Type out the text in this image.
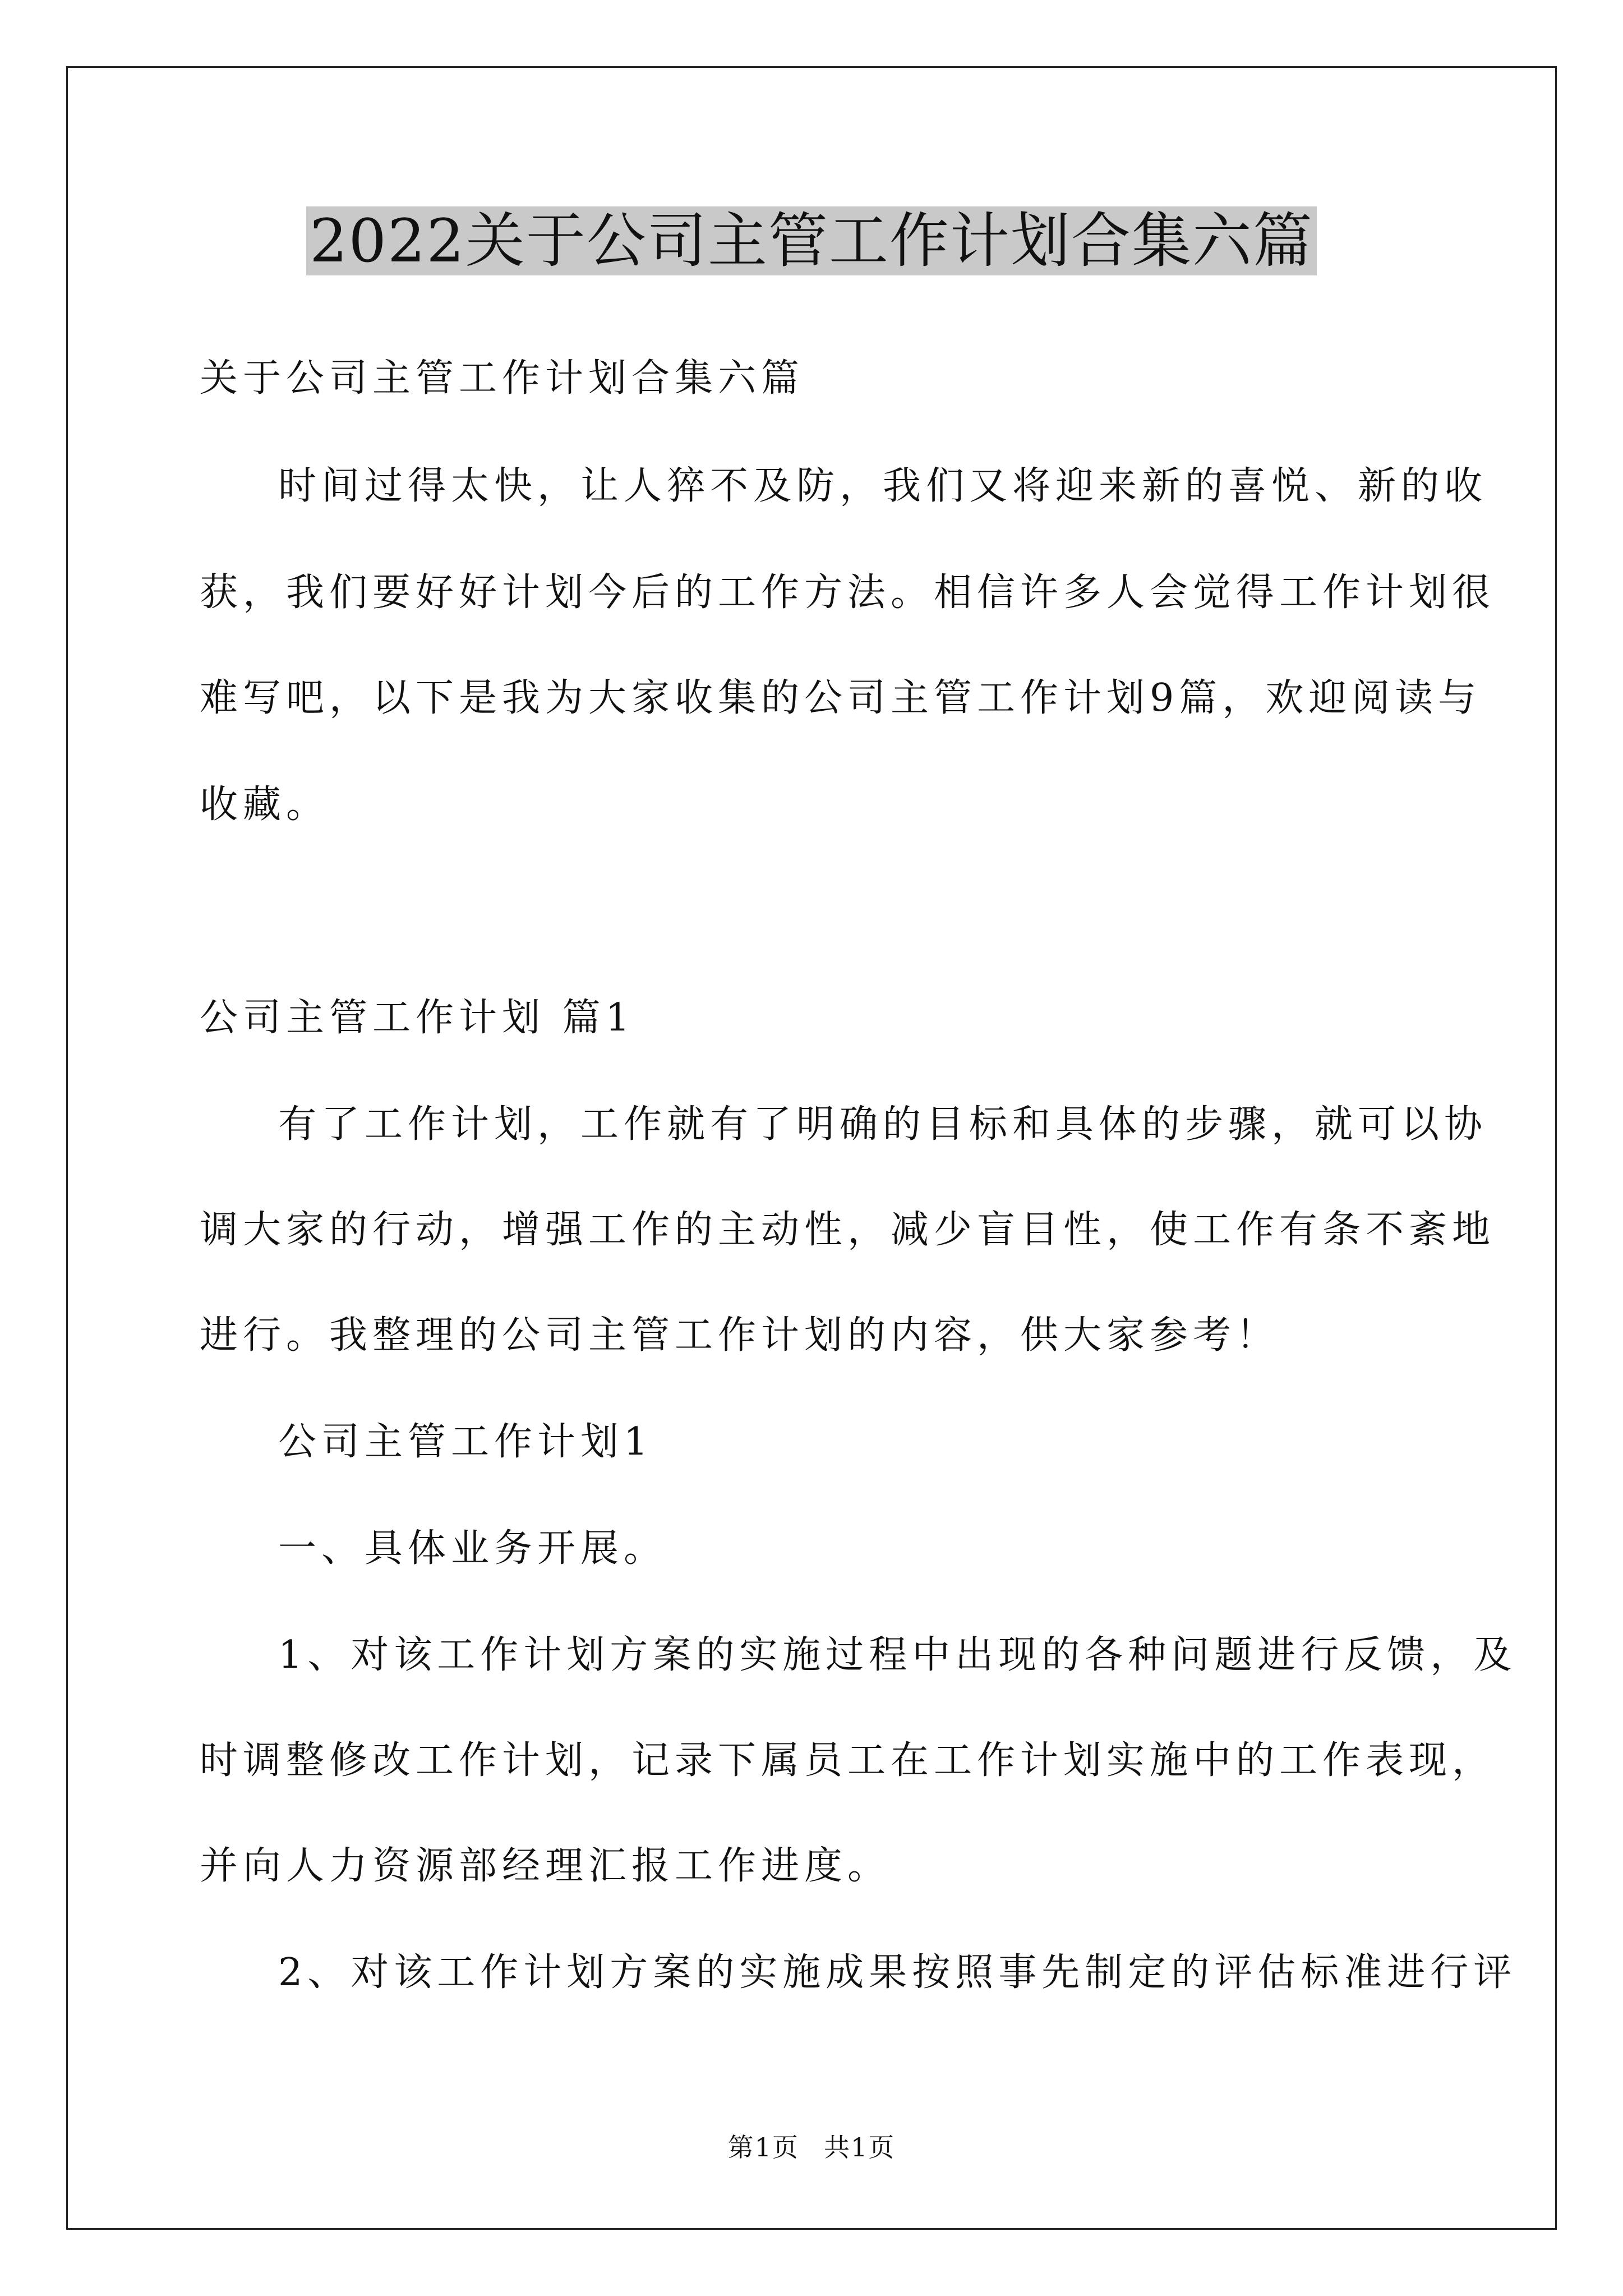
2022关于公司主管工作计划合集六篇
关于公司主管工作计划合集六篇
时间过得太快，让人猝不及防，我们又将迎来新的喜悦、新的收
获，我们要好好计划今后的工作方法。相信许多人会觉得工作计划很
难写吧，以下是我为大家收集的公司主管工作计划9篇，欢迎阅读与
收藏。
公司主管工作计划 篇1
有了工作计划，工作就有了明确的目标和具体的步骤，就可以协
调大家的行动，增强工作的主动性，减少盲目性，使工作有条不紊地
进行。我整理的公司主管工作计划的内容，供大家参考！
公司主管工作计划1
一、具体业务开展。
1、对该工作计划方案的实施过程中出现的各种问题进行反馈，及
时调整修改工作计划，记录下属员工在工作计划实施中的工作表现，
并向人力资源部经理汇报工作进度。
2、对该工作计划方案的实施成果按照事先制定的评估标准进行评
第1页 共1页
